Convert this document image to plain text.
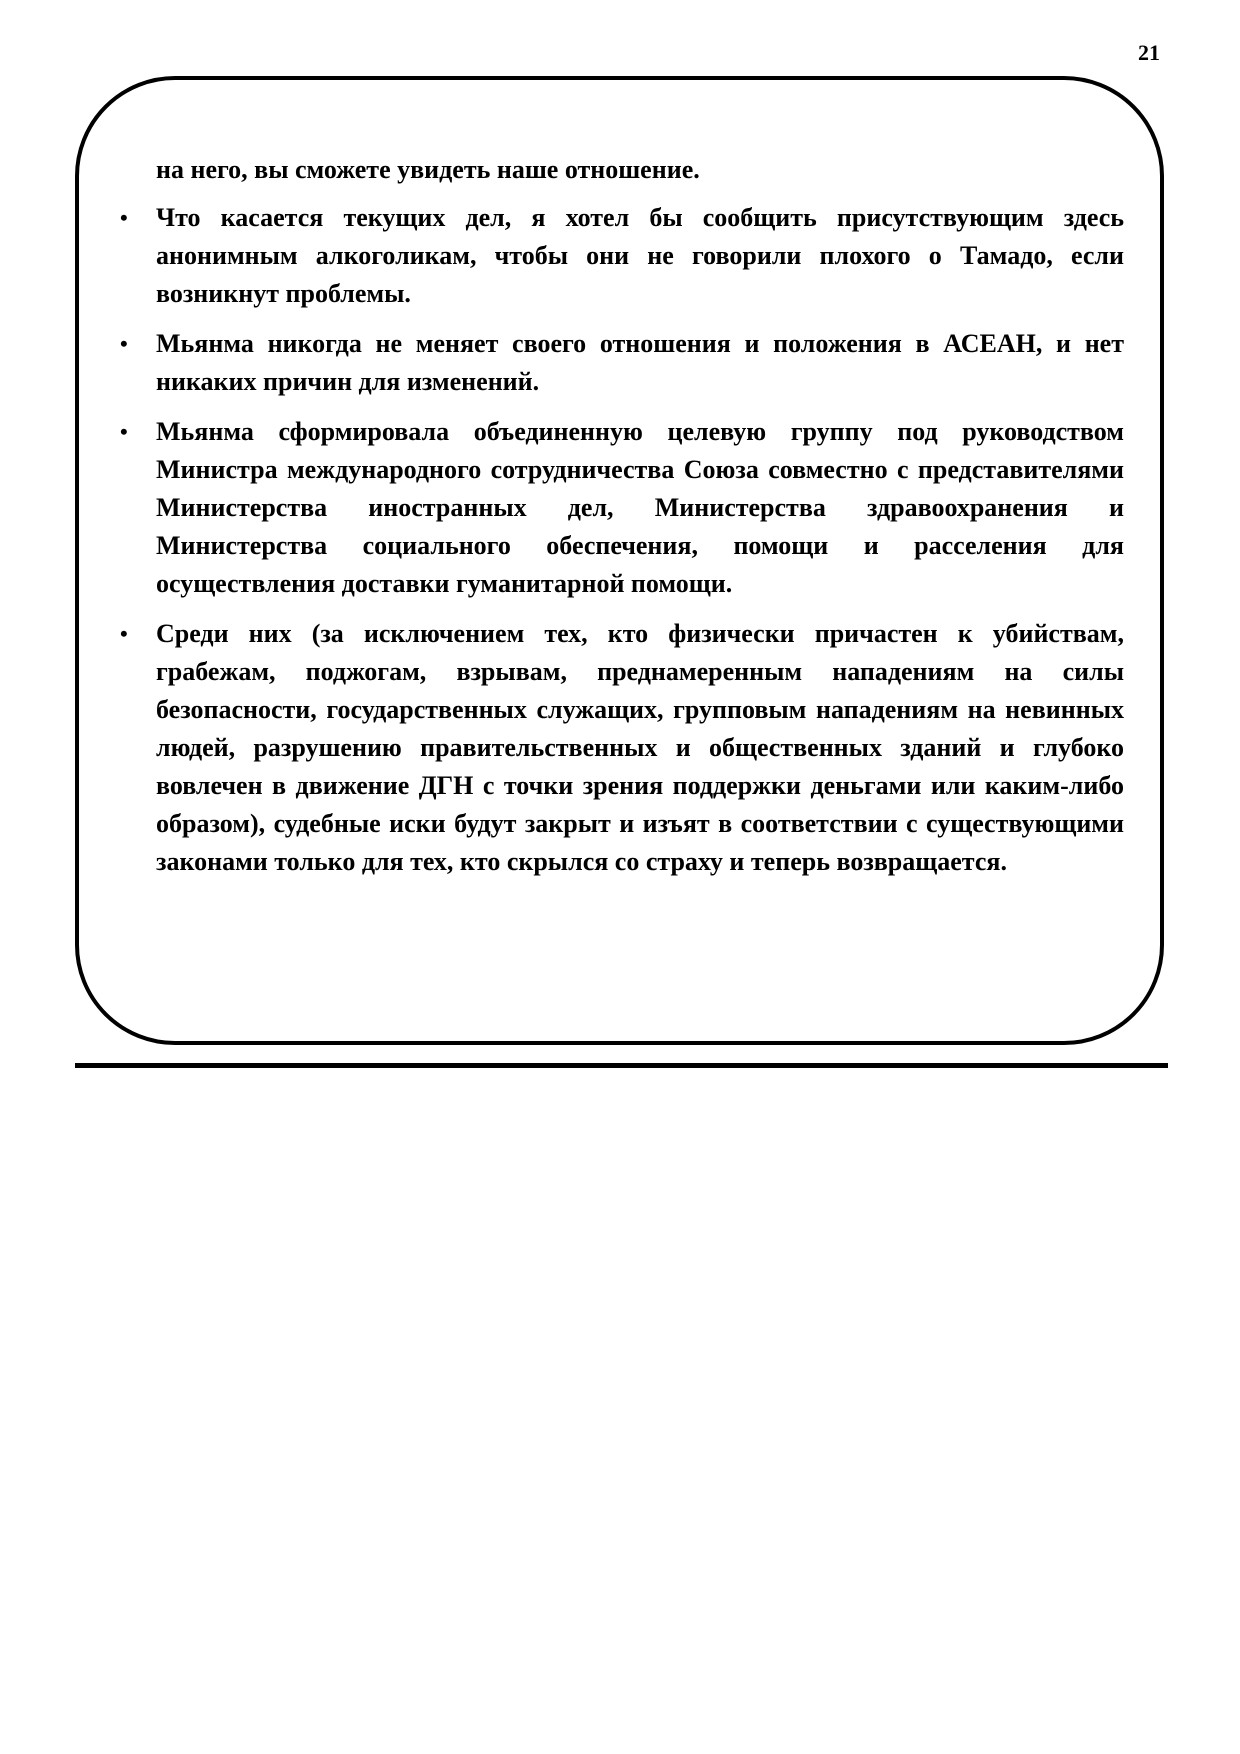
21

на него, вы сможете увидеть наше отношение.

• Что касается текущих дел, я хотел бы сообщить присутствующим здесь анонимным алкоголикам, чтобы они не говорили плохого о Тамадо, если возникнут проблемы.
• Мьянма никогда не меняет своего отношения и положения в АСЕАН, и нет никаких причин для изменений.
• Мьянма сформировала объединенную целевую группу под руководством Министра международного сотрудничества Союза совместно с представителями Министерства иностранных дел, Министерства здравоохранения и Министерства социального обеспечения, помощи и расселения для осуществления доставки гуманитарной помощи.
• Среди них (за исключением тех, кто физически причастен к убийствам, грабежам, поджогам, взрывам, преднамеренным нападениям на силы безопасности, государственных служащих, групповым нападениям на невинных людей, разрушению правительственных и общественных зданий и глубоко вовлечен в движение ДГН с точки зрения поддержки деньгами или каким-либо образом), судебные иски будут закрыт и изъят в соответствии с существующими законами только для тех, кто скрылся со страху и теперь возвращается.
